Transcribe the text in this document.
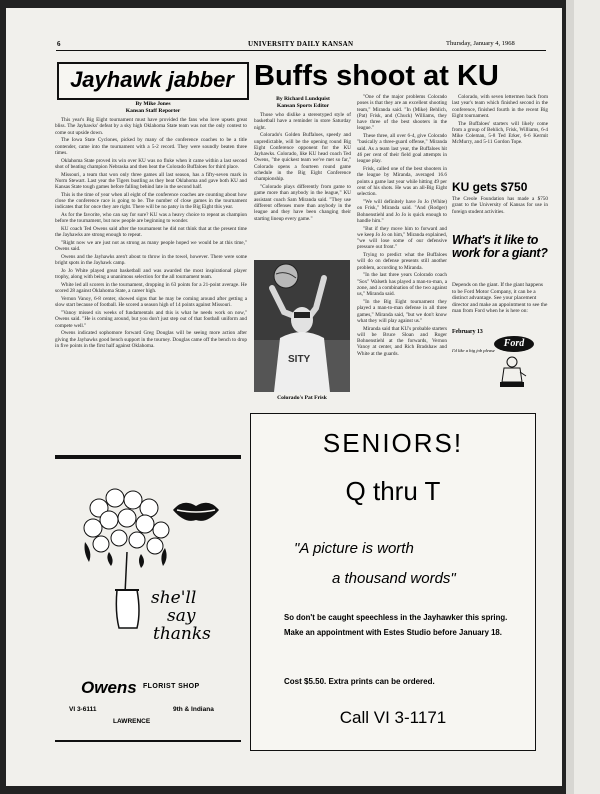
6	UNIVERSITY DAILY KANSAN	Thursday, January 4, 1968
Jayhawk jabber
By Mike Jones
Kansan Staff Reporter

This year's Big Eight tournament must have provided the fans who love upsets great bliss. The Jayhawks' defeat by a sky high Oklahoma State team was not the only contest to come out upside down.

The Iowa State Cyclones, picked by many of the conference coaches to be a title contender, came into the tournament with a 5-2 record. They were soundly beaten three times.

Oklahoma State proved its win over KU was no fluke when it came within a last second shot of beating champion Nebraska and then beat the Colorado Buffaloes for third place.

Missouri, a team that won only three games all last season, has a fifty-seven mark in Norm Stewart. Last year the Tigers bustling as they beat Oklahoma and gave both KU and Kansas State tough games before falling behind late in the second half.

This is the time of year when all eight of the conference coaches are counting about how close the conference race is going to be. The number of close games in the tournament indicates that for once they are right. There will be no patsy in the Big Eight this year.

As for the favorite, who can say for sure? KU was a heavy choice to repeat as champion before the tournament, but now people are beginning to wonder.

KU coach Ted Owens said after the tournament he did not think that at the present time the Jayhawks are strong enough to repeat.

"Right now we are just not as strong as many people hoped we would be at this time," Owens said.

Owens and the Jayhawks aren't about to throw in the towel, however. There were some bright spots in the Jayhawk camp.

Jo Jo White played great basketball and was awarded the most inspirational player trophy, along with being a unanimous selection for the all tournament team.

White led all scorers in the tournament, dropping in 63 points for a 21-point average. He scored 28 against Oklahoma State, a career high.

Vernon Vanoy, 6-8 center, showed signs that he may be coming around after getting a slow start because of football. He scored a season high of 14 points against Missouri.

"Vanoy missed six weeks of fundamentals and this is what he needs work on now," Owens said. "He is coming around, but you don't just step out of that football uniform and compete well."

Owens indicated sophomore forward Greg Douglas will be seeing more action after giving the Jayhawks good bench support in the tourney. Douglas came off the bench to drop in five points in the first half against Oklahoma.

Buffs shoot at KU
By Richard Lundquist
Kansan Sports Editor

Those who dislike a stereotyped style of basketball have a reminder in store Saturday night.

Colorado's Golden Buffaloes, speedy and unpredictable, will be the opening round Big Eight Conference opponent for the KU Jayhawks. Colorado, like KU head coach Ted Owens, "the quickest team we've met so far," Colorado opens a fourteen round game schedule in the Big Eight Conference championship.

"Colorado plays differently from game to game more than anybody in the league," KU assistant coach Sam Miranda said. "They use different offenses more than anybody in the league and they have been changing their starting lineup every game."

"One of the major problems Colorado poses is that they are an excellent shooting team," Miranda said. "In (Mike) Behlich, (Pat) Frisk, and (Chuck) Williams, they have three of the best shooters in the league."

These three, all over 6-4, give Colorado "basically a three-guard offense," Miranda said. As a team last year, the Buffaloes hit 46 per cent of their field goal attempts in league play.

Frisk, called one of the best shooters in the league by Miranda, averaged 16.6 points a game last year while hitting 49 per cent of his shots. He was an all-Big Eight selection.

"We will definitely have Jo Jo (White) on Frisk," Miranda said. "And (Rodger) Bohnenstiehl and Jo Jo is quick enough to handle him."

"But if they move him to forward and we keep Jo Jo on him," Miranda explained, "we will lose some of our defensive pressure out front."

Trying to predict what the Buffaloes will do on defense presents still another problem, according to Miranda.

"In the last three years Colorado coach "Sox" Walseth has played a man-to-man, a zone, and a combination of the two against us," Miranda said.

"In the Big Eight tournament they played a man-to-man defense in all three games," Miranda said, "but we don't know what they will play against us."

Miranda said that KU's probable starters will be Bruce Sloan and Roger Bohnenstiehl at the forwards, Vernon Vanoy at center, and Rich Bradshaw and White at the guards.

Colorado, with seven lettermen back from last year's team which finished second in the conference, finished fourth in the recent Big Eight tournament.

The Buffaloes' starters will likely come from a group of Behlich, Frisk, Williams, 6-4 Mike Coleman, 5-8 Ted Erker, 6-6 Kermit McMurry, and 5-11 Gordon Tope.

SITY
Colorado's Pat Frisk
KU gets $750
The Creole Foundation has made a $750 grant to the University of Kansas for use in foreign student activities.
What's it like to work for a giant?
Depends on the giant. If the giant happens to be Ford Motor Company, it can be a distinct advantage. See your placement director and make an appointment to see the man from Ford when he is here on:
February 13
I'd like a big job please
Ford
she'll
say
thanks
Owens FLORIST SHOP
VI 3-6111	9th & Indiana
LAWRENCE
SENIORS!
Q thru T
"A picture is worth
a thousand words"
So don't be caught speechless in the Jayhawker this spring. Make an appointment with Estes Studio before January 18.
Cost $5.50. Extra prints can be ordered.
Call VI 3-1171
